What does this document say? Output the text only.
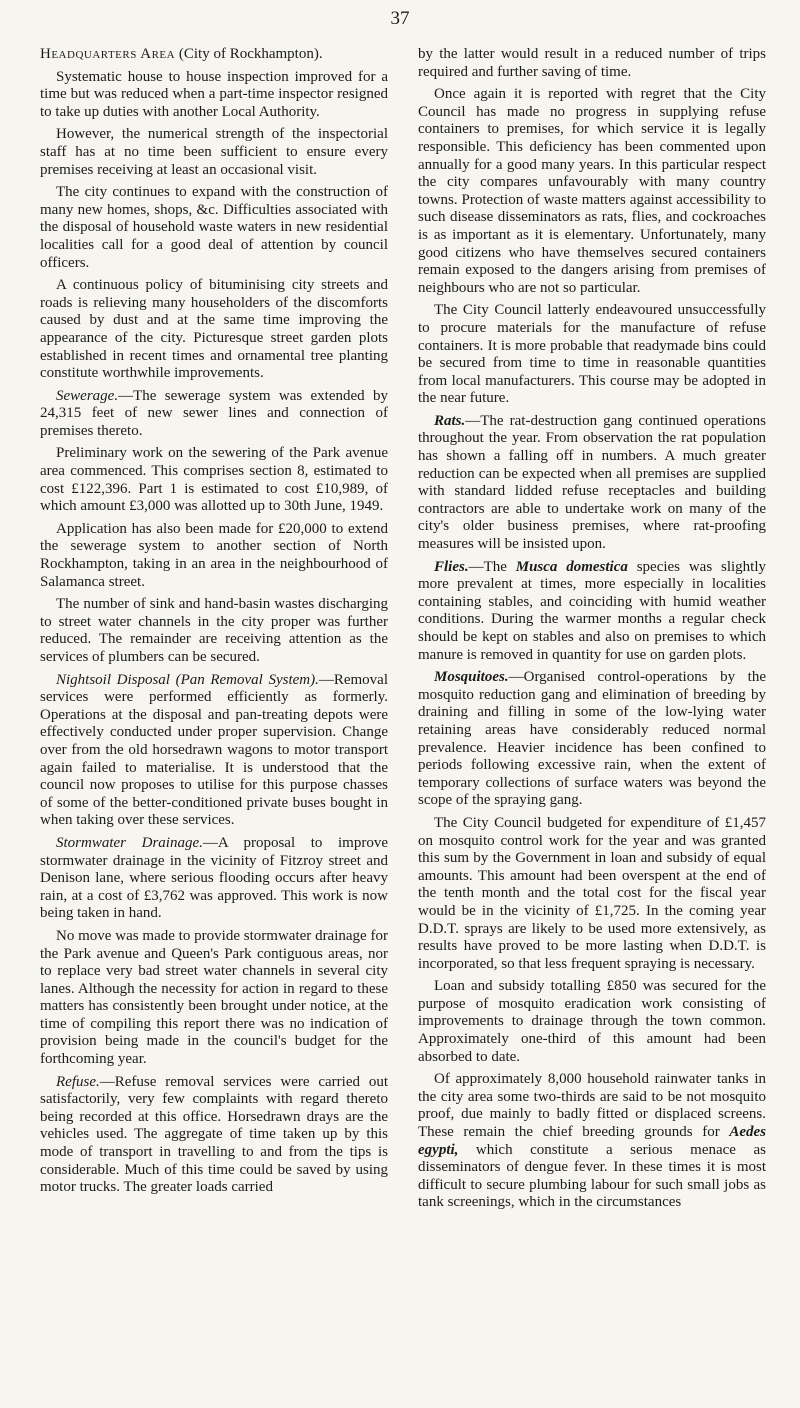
37

Headquarters Area (City of Rockhampton).

Systematic house to house inspection improved for a time but was reduced when a part-time inspector resigned to take up duties with another Local Authority.

However, the numerical strength of the inspectorial staff has at no time been sufficient to ensure every premises receiving at least an occasional visit.

The city continues to expand with the construction of many new homes, shops, &c. Difficulties associated with the disposal of household waste waters in new residential localities call for a good deal of attention by council officers.

A continuous policy of bituminising city streets and roads is relieving many householders of the discomforts caused by dust and at the same time improving the appearance of the city. Picturesque street garden plots established in recent times and ornamental tree planting constitute worthwhile improvements.

Sewerage.—The sewerage system was extended by 24,315 feet of new sewer lines and connection of premises thereto.

Preliminary work on the sewering of the Park avenue area commenced. This comprises section 8, estimated to cost £122,396. Part 1 is estimated to cost £10,989, of which amount £3,000 was allotted up to 30th June, 1949.

Application has also been made for £20,000 to extend the sewerage system to another section of North Rockhampton, taking in an area in the neighbourhood of Salamanca street.

The number of sink and hand-basin wastes discharging to street water channels in the city proper was further reduced. The remainder are receiving attention as the services of plumbers can be secured.

Nightsoil Disposal (Pan Removal System).—Removal services were performed efficiently as formerly. Operations at the disposal and pan-treating depots were effectively conducted under proper supervision. Change over from the old horsedrawn wagons to motor transport again failed to materialise. It is understood that the council now proposes to utilise for this purpose chasses of some of the better-conditioned private buses bought in when taking over these services.

Stormwater Drainage.—A proposal to improve stormwater drainage in the vicinity of Fitzroy street and Denison lane, where serious flooding occurs after heavy rain, at a cost of £3,762 was approved. This work is now being taken in hand.

No move was made to provide stormwater drainage for the Park avenue and Queen's Park contiguous areas, nor to replace very bad street water channels in several city lanes. Although the necessity for action in regard to these matters has consistently been brought under notice, at the time of compiling this report there was no indication of provision being made in the council's budget for the forthcoming year.

Refuse.—Refuse removal services were carried out satisfactorily, very few complaints with regard thereto being recorded at this office. Horsedrawn drays are the vehicles used. The aggregate of time taken up by this mode of transport in travelling to and from the tips is considerable. Much of this time could be saved by using motor trucks. The greater loads carried

by the latter would result in a reduced number of trips required and further saving of time.

Once again it is reported with regret that the City Council has made no progress in supplying refuse containers to premises, for which service it is legally responsible. This deficiency has been commented upon annually for a good many years. In this particular respect the city compares unfavourably with many country towns. Protection of waste matters against accessibility to such disease disseminators as rats, flies, and cockroaches is as important as it is elementary. Unfortunately, many good citizens who have themselves secured containers remain exposed to the dangers arising from premises of neighbours who are not so particular.

The City Council latterly endeavoured unsuccessfully to procure materials for the manufacture of refuse containers. It is more probable that readymade bins could be secured from time to time in reasonable quantities from local manufacturers. This course may be adopted in the near future.

Rats.—The rat-destruction gang continued operations throughout the year. From observation the rat population has shown a falling off in numbers. A much greater reduction can be expected when all premises are supplied with standard lidded refuse receptacles and building contractors are able to undertake work on many of the city's older business premises, where rat-proofing measures will be insisted upon.

Flies.—The Musca domestica species was slightly more prevalent at times, more especially in localities containing stables, and coinciding with humid weather conditions. During the warmer months a regular check should be kept on stables and also on premises to which manure is removed in quantity for use on garden plots.

Mosquitoes.—Organised control-operations by the mosquito reduction gang and elimination of breeding by draining and filling in some of the low-lying water retaining areas have considerably reduced normal prevalence. Heavier incidence has been confined to periods following excessive rain, when the extent of temporary collections of surface waters was beyond the scope of the spraying gang.

The City Council budgeted for expenditure of £1,457 on mosquito control work for the year and was granted this sum by the Government in loan and subsidy of equal amounts. This amount had been overspent at the end of the tenth month and the total cost for the fiscal year would be in the vicinity of £1,725. In the coming year D.D.T. sprays are likely to be used more extensively, as results have proved to be more lasting when D.D.T. is incorporated, so that less frequent spraying is necessary.

Loan and subsidy totalling £850 was secured for the purpose of mosquito eradication work consisting of improvements to drainage through the town common. Approximately one-third of this amount had been absorbed to date.

Of approximately 8,000 household rainwater tanks in the city area some two-thirds are said to be not mosquito proof, due mainly to badly fitted or displaced screens. These remain the chief breeding grounds for Aedes egypti, which constitute a serious menace as disseminators of dengue fever. In these times it is most difficult to secure plumbing labour for such small jobs as tank screenings, which in the circumstances
